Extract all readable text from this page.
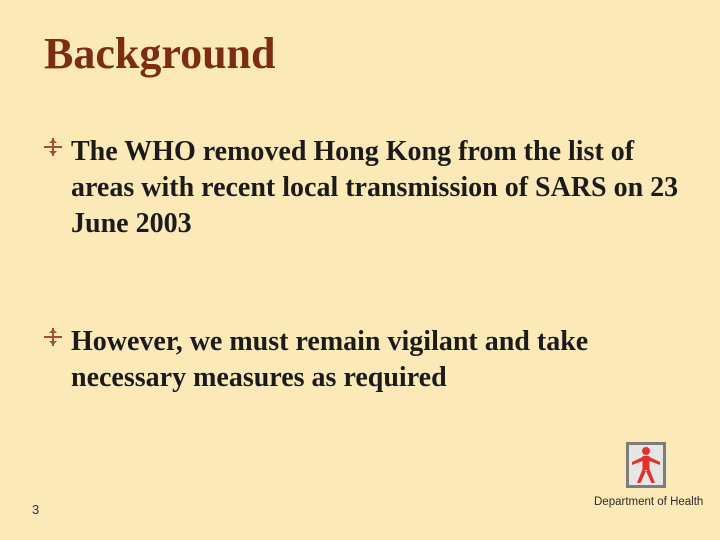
Background
The WHO removed Hong Kong from the list of areas with recent local transmission of SARS on 23 June 2003
However, we must remain vigilant and take necessary measures as required
3	Department of Health
